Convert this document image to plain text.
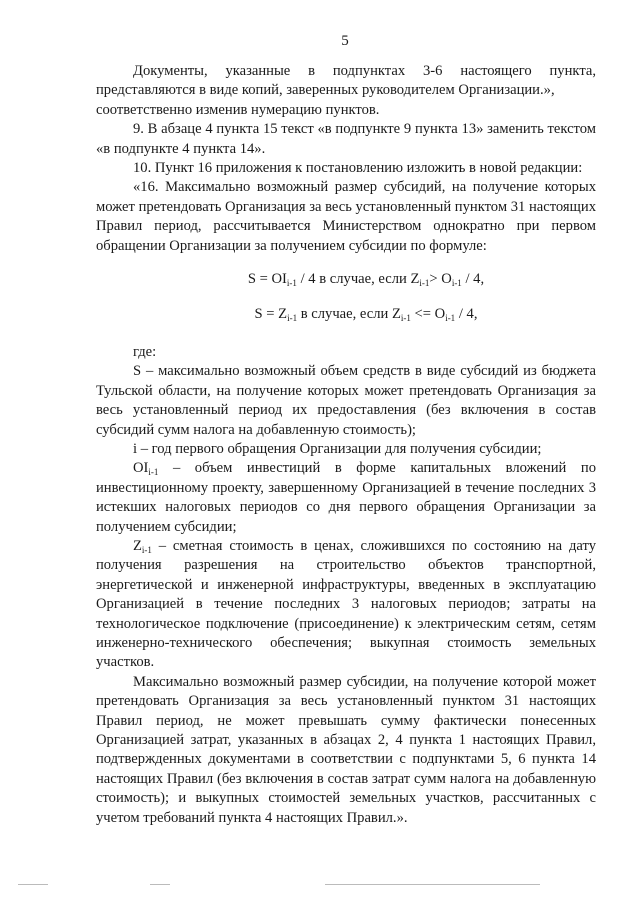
5

Документы, указанные в подпунктах 3-6 настоящего пункта, представляются в виде копий, заверенных руководителем Организации.»,

соответственно изменив нумерацию пунктов.

9. В абзаце 4 пункта 15 текст «в подпункте 9 пункта 13» заменить текстом «в подпункте 4 пункта 14».

10. Пункт 16 приложения к постановлению изложить в новой редакции:

«16. Максимально возможный размер субсидий, на получение которых может претендовать Организация за весь установленный пунктом 31 настоящих Правил период, рассчитывается Министерством однократно при первом обращении Организации за получением субсидии по формуле:

$S = OI_{i-1} / 4$ в случае, если $Z_{i-1}> O_{i-1} / 4$,
$S = Z_{i-1}$ в случае, если $Z_{i-1} <= O_{i-1} / 4$,

где:

S – максимально возможный объем средств в виде субсидий из бюджета Тульской области, на получение которых может претендовать Организация за весь установленный период их предоставления (без включения в состав субсидий сумм налога на добавленную стоимость);

i – год первого обращения Организации для получения субсидии;

$OI_{i-1}$ – объем инвестиций в форме капитальных вложений по инвестиционному проекту, завершенному Организацией в течение последних 3 истекших налоговых периодов со дня первого обращения Организации за получением субсидии;

$Z_{i-1}$ – сметная стоимость в ценах, сложившихся по состоянию на дату получения разрешения на строительство объектов транспортной, энергетической и инженерной инфраструктуры, введенных в эксплуатацию Организацией в течение последних 3 налоговых периодов; затраты на технологическое подключение (присоединение) к электрическим сетям, сетям инженерно-технического обеспечения; выкупная стоимость земельных участков.

Максимально возможный размер субсидии, на получение которой может претендовать Организация за весь установленный пунктом 31 настоящих Правил период, не может превышать сумму фактически понесенных Организацией затрат, указанных в абзацах 2, 4 пункта 1 настоящих Правил, подтвержденных документами в соответствии с подпунктами 5, 6 пункта 14 настоящих Правил (без включения в состав затрат сумм налога на добавленную стоимость); и выкупных стоимостей земельных участков, рассчитанных с учетом требований пункта 4 настоящих Правил.».
